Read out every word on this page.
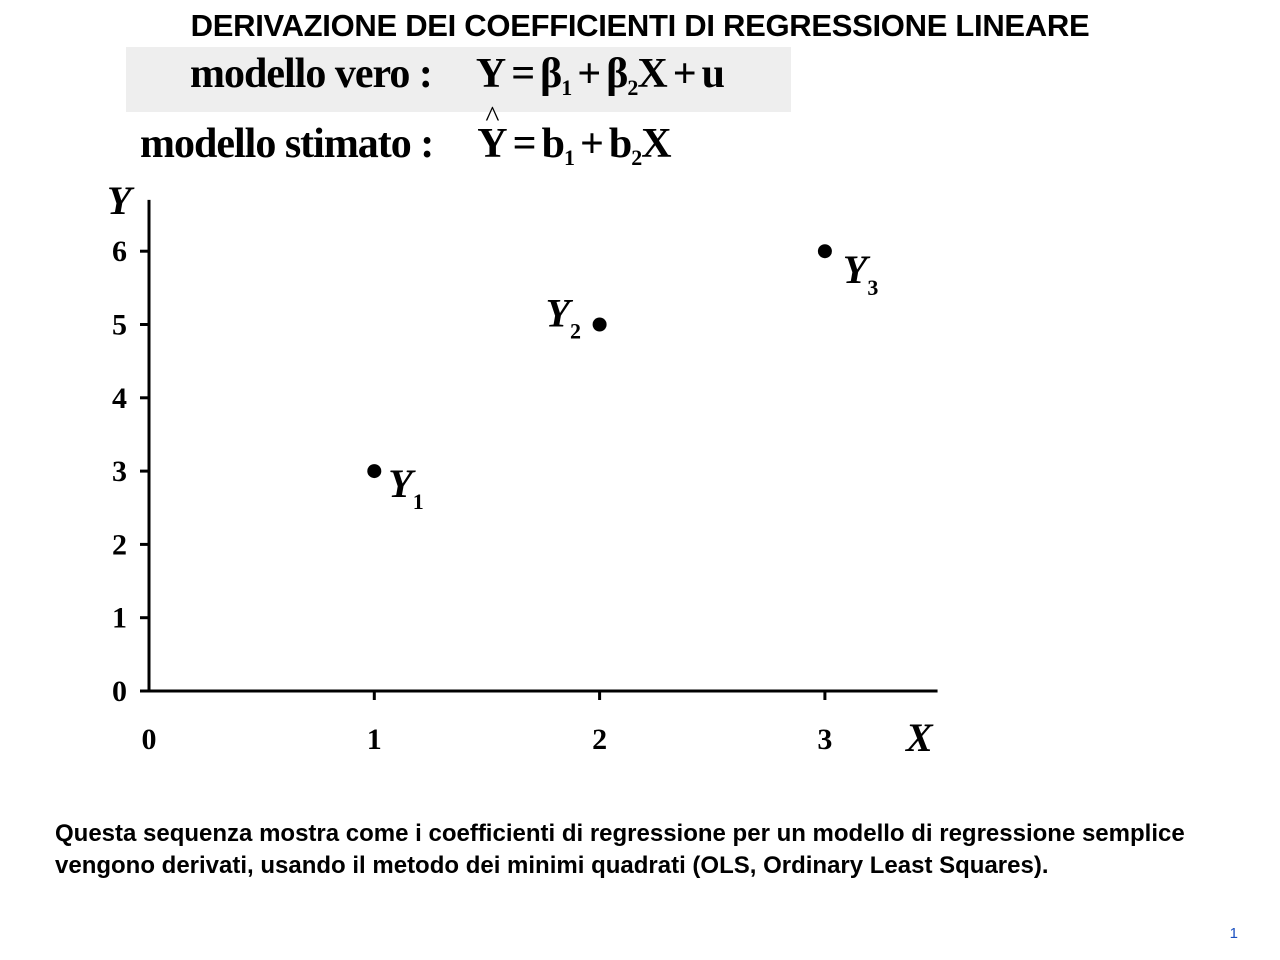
DERIVAZIONE DEI COEFFICIENTI DI REGRESSIONE LINEARE
modello vero : $Y = \beta_1 + \beta_2X + u$
modello stimato :^ $Y = b_1 + b_2X$
0
1
2
3
4
5
6
0	1	2	3
$Y_1$
$Y_2$
$Y_3$
Y
X
Questa sequenza mostra come i coefficienti di regressione per un modello di regressione semplice vengono derivati, usando il metodo dei minimi quadrati (OLS, Ordinary Least Squares).
1
